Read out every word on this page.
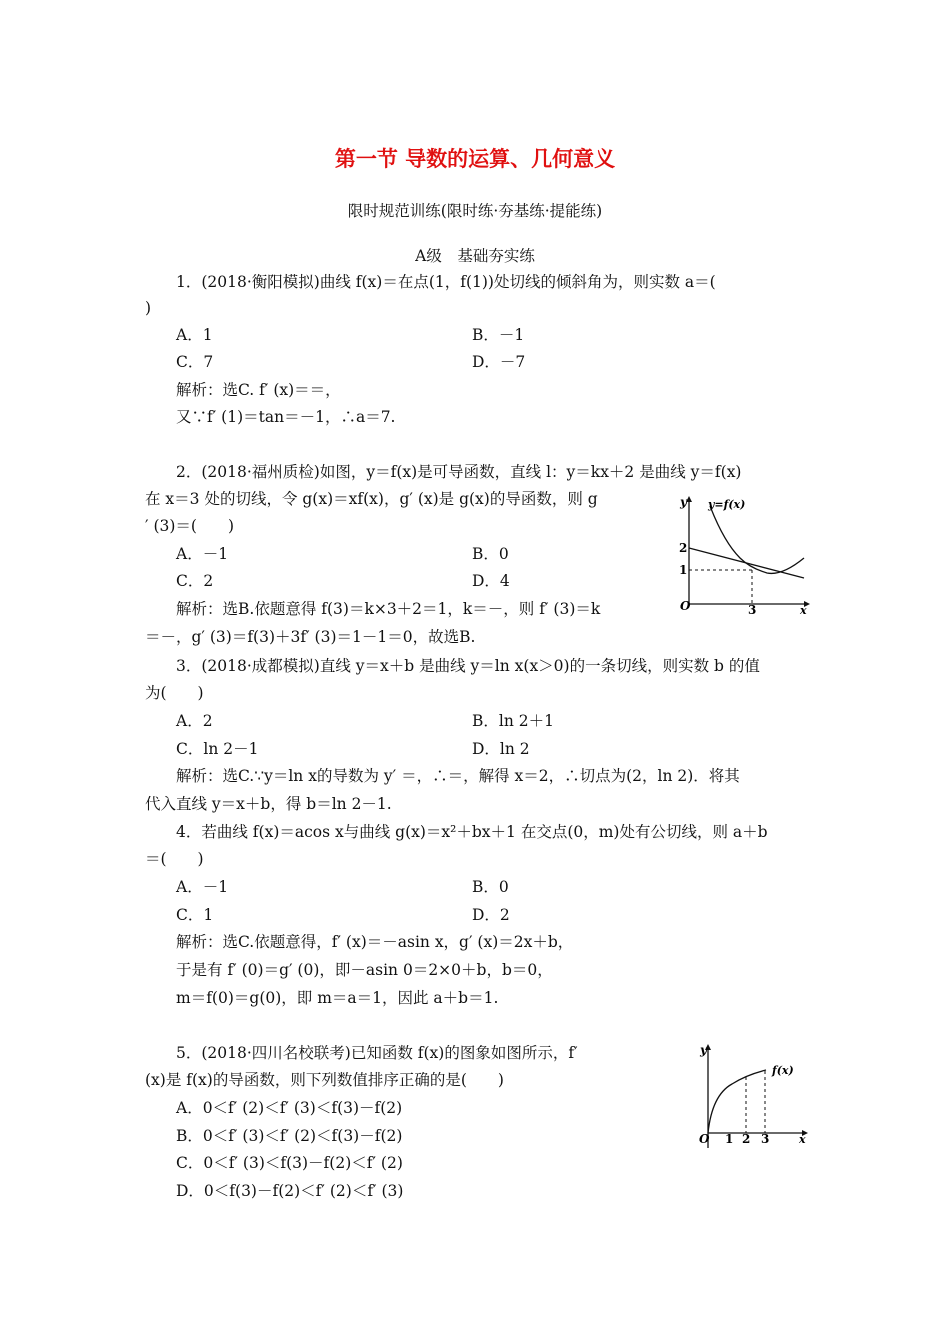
第一节 导数的运算、几何意义
限时规范训练(限时练·夯基练·提能练)
A级　基础夯实练
1．(2018·衡阳模拟)曲线 f(x)＝在点(1，f(1))处切线的倾斜角为，则实数 a＝(
)
A．1	B．－1
C．7	D．－7
解析：选C. f′ (x)＝＝，
又∵f′ (1)＝tan＝－1，∴a＝7.
2．(2018·福州质检)如图，y＝f(x)是可导函数，直线 l：y＝kx＋2 是曲线 y＝f(x)
在 x＝3 处的切线，令 g(x)＝xf(x)，g′ (x)是 g(x)的导函数，则 g
′ (3)＝(　　)
A．－1	B．0
C．2	D．4
解析：选B.依题意得 f(3)＝k×3＋2＝1，k＝－，则 f′ (3)＝k
＝－，g′ (3)＝f(3)＋3f′ (3)＝1－1＝0，故选B.
y
x
y=f(x)
O
2
1
3
3．(2018·成都模拟)直线 y＝x＋b 是曲线 y＝ln x(x＞0)的一条切线，则实数 b 的值
为(　　)
A．2	B．ln 2＋1
C．ln 2－1	D．ln 2
解析：选C.∵y＝ln x的导数为 y′ ＝，∴＝，解得 x＝2，∴切点为(2，ln 2)．将其
代入直线 y＝x＋b，得 b＝ln 2－1.
4．若曲线 f(x)＝acos x与曲线 g(x)＝x²＋bx＋1 在交点(0，m)处有公切线，则 a＋b
＝(　　)
A．－1	B．0
C．1	D．2
解析：选C.依题意得，f′ (x)＝－asin x，g′ (x)＝2x＋b，
于是有 f′ (0)＝g′ (0)，即－asin 0＝2×0＋b，b＝0，
m＝f(0)＝g(0)，即 m＝a＝1，因此 a＋b＝1.
5．(2018·四川名校联考)已知函数 f(x)的图象如图所示，f′
(x)是 f(x)的导函数，则下列数值排序正确的是(　　)
A．0＜f′ (2)＜f′ (3)＜f(3)－f(2)
B．0＜f′ (3)＜f′ (2)＜f(3)－f(2)
C．0＜f′ (3)＜f(3)－f(2)＜f′ (2)
D．0＜f(3)－f(2)＜f′ (2)＜f′ (3)
y
x
f(x)
O 1 2 3
